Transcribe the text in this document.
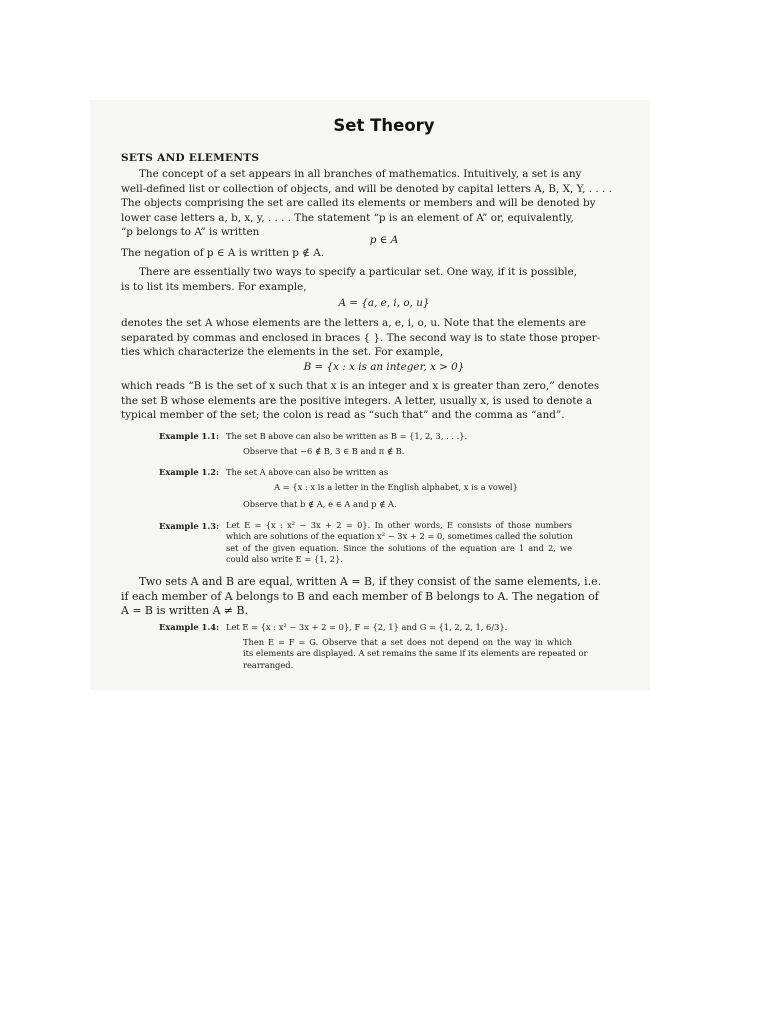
Set Theory
SETS AND ELEMENTS
The concept of a set appears in all branches of mathematics. Intuitively, a set is any
well-defined list or collection of objects, and will be denoted by capital letters A, B, X, Y, . . . .
The objects comprising the set are called its elements or members and will be denoted by
lower case letters a, b, x, y, . . . . The statement “p is an element of A” or, equivalently,
“p belongs to A” is written
p ∈ A
The negation of p ∈ A is written p ∉ A.
There are essentially two ways to specify a particular set. One way, if it is possible,
is to list its members. For example,
A = {a, e, i, o, u}
denotes the set A whose elements are the letters a, e, i, o, u. Note that the elements are
separated by commas and enclosed in braces { }. The second way is to state those proper-
ties which characterize the elements in the set. For example,
B = {x : x is an integer, x > 0}
which reads “B is the set of x such that x is an integer and x is greater than zero,” denotes
the set B whose elements are the positive integers. A letter, usually x, is used to denote a
typical member of the set; the colon is read as “such that” and the comma as “and”.
Example 1.1: The set B above can also be written as B = {1, 2, 3, . . .}.
Observe that −6 ∉ B, 3 ∈ B and π ∉ B.
Example 1.2: The set A above can also be written as
A = {x : x is a letter in the English alphabet, x is a vowel}
Observe that b ∉ A, e ∈ A and p ∉ A.
Example 1.3: Let E = {x : x² − 3x + 2 = 0}. In other words, E consists of those numbers
which are solutions of the equation x² − 3x + 2 = 0, sometimes called the solution
set of the given equation. Since the solutions of the equation are 1 and 2, we
could also write E = {1, 2}.
Two sets A and B are equal, written A = B, if they consist of the same elements, i.e.
if each member of A belongs to B and each member of B belongs to A. The negation of
A = B is written A ≠ B.
Example 1.4: Let E = {x : x² − 3x + 2 = 0}, F = {2, 1} and G = {1, 2, 2, 1, 6/3}.
Then E = F = G. Observe that a set does not depend on the way in which
its elements are displayed. A set remains the same if its elements are repeated or
rearranged.
